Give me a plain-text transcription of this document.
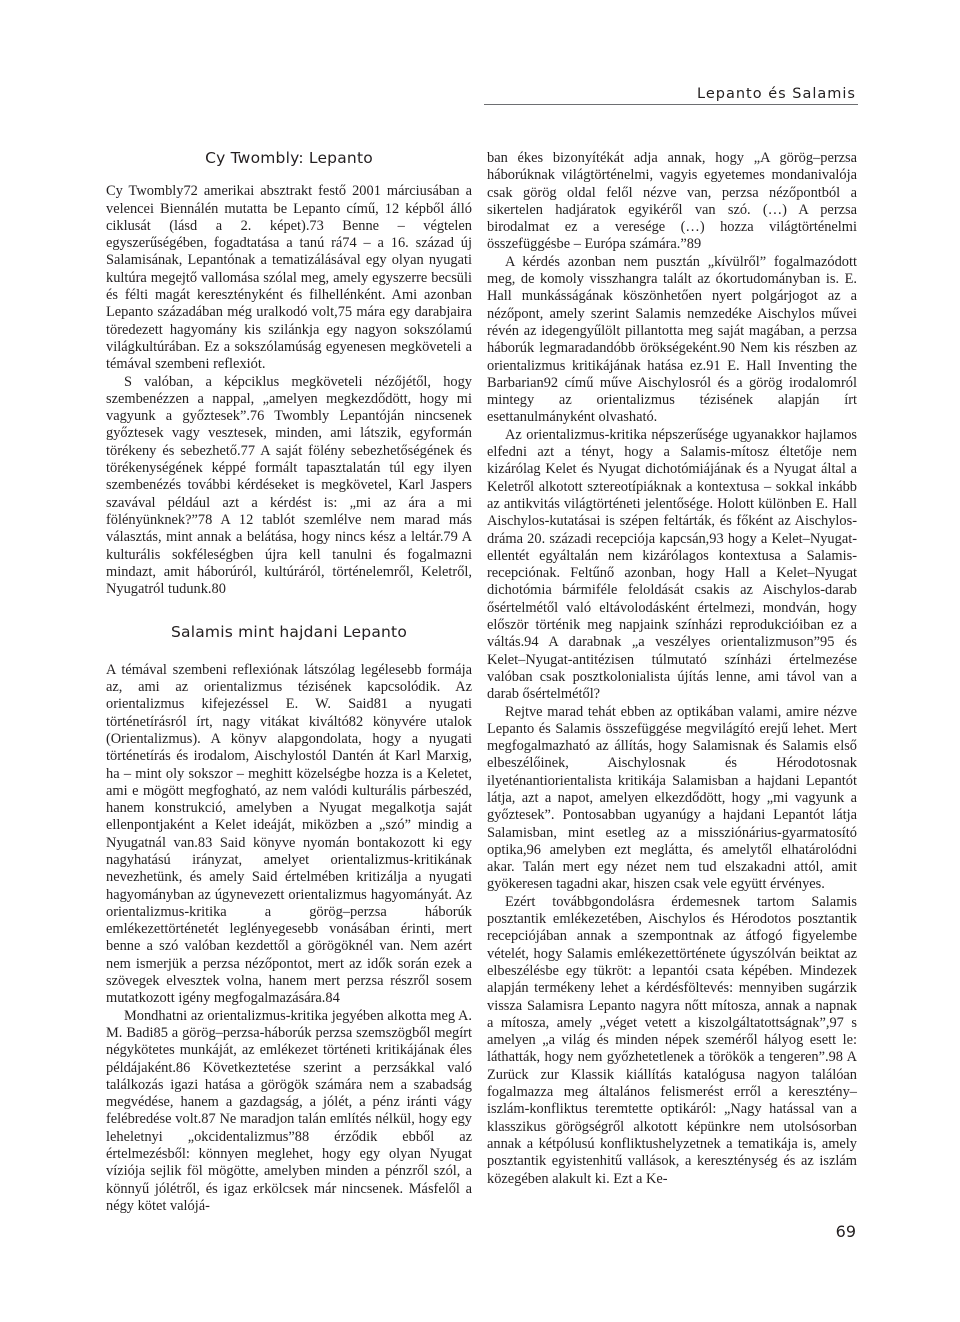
Lepanto és Salamis
Cy Twombly: Lepanto

Cy Twombly72 amerikai absztrakt festő 2001 márciusában a velencei Biennálén mutatta be Lepanto című, 12 képből álló ciklusát (lásd a 2. képet).73 Benne – végtelen egyszerűségében, fogadtatása a tanú rá74 – a 16. század új Salamisának, Lepantónak a tematizálásával egy olyan nyugati kultúra megejtő vallomása szólal meg, amely egyszerre becsüli és félti magát keresztényként és filhellénként. Ami azonban Lepanto századában még uralkodó volt,75 mára egy darabjaira töredezett hagyomány kis szilánkja egy nagyon sokszólamú világkultúrában. Ez a sokszólamúság egyenesen megköveteli a témával szembeni reflexiót.

S valóban, a képciklus megköveteli nézőjétől, hogy szembenézzen a nappal, „amelyen megkezdődött, hogy mi vagyunk a győztesek”.76 Twombly Lepantóján nincsenek győztesek vagy vesztesek, minden, ami látszik, egyformán törékeny és sebezhető.77 A saját fölény sebezhetőségének és törékenységének képpé formált tapasztalatán túl egy ilyen szembenézés további kérdéseket is megkövetel, Karl Jaspers szavával például azt a kérdést is: „mi az ára a mi fölényünknek?”78 A 12 tablót szemlélve nem marad más választás, mint annak a belátása, hogy nincs kész a leltár.79 A kulturális sokféleségben újra kell tanulni és fogalmazni mindazt, amit háborúról, kultúráról, történelemről, Keletről, Nyugatról tudunk.80

Salamis mint hajdani Lepanto

A témával szembeni reflexiónak látszólag legélesebb formája az, ami az orientalizmus tézisének kapcsolódik. Az orientalizmus kifejezéssel E. W. Said81 a nyugati történetírásról írt, nagy vitákat kiváltó82 könyvére utalok (Orientalizmus). A könyv alapgondolata, hogy a nyugati történetírás és irodalom, Aischylostól Dantén át Karl Marxig, ha – mint oly sokszor – meghitt közelségbe hozza is a Keletet, ami e mögött megfogható, az nem valódi kulturális párbeszéd, hanem konstrukció, amelyben a Nyugat megalkotja saját ellenpontjaként a Kelet ideáját, miközben a „szó” mindig a Nyugatnál van.83 Said könyve nyomán bontakozott ki egy nagyhatású irányzat, amelyet orientalizmus-kritikának nevezhetünk, és amely Said értelmében kritizálja a nyugati hagyományban az úgynevezett orientalizmus hagyományát. Az orientalizmus-kritika a görög–perzsa háborúk emlékezettörténetét leglényegesebb vonásában érinti, mert benne a szó valóban kezdettől a görögöknél van. Nem azért nem ismerjük a perzsa nézőpontot, mert az idők során ezek a szövegek elvesztek volna, hanem mert perzsa részről sosem mutatkozott igény megfogalmazására.84

Mondhatni az orientalizmus-kritika jegyében alkotta meg A. M. Badi85 a görög–perzsa-háborúk perzsa szemszögből megírt négykötetes munkáját, az emlékezet történeti kritikájának éles példájaként.86 Következtetése szerint a perzsákkal való találkozás igazi hatása a görögök számára nem a szabadság megvédése, hanem a gazdagság, a jólét, a pénz iránti vágy felébredése volt.87 Ne maradjon talán említés nélkül, hogy egy leheletnyi „okcidentalizmus”88 érződik ebből az értelmezésből: könnyen meglehet, hogy egy olyan Nyugat víziója sejlik föl mögötte, amelyben minden a pénzről szól, a könnyű jólétről, és igaz erkölcsek már nincsenek. Másfelől a négy kötet valójá-

ban ékes bizonyítékát adja annak, hogy „A görög–perzsa háborúknak világtörténelmi, vagyis egyetemes mondanivalója csak görög oldal felől nézve van, perzsa nézőpontból a sikertelen hadjáratok egyikéről van szó. (…) A perzsa birodalmat ez a veresége (…) hozza világtörténelmi összefüggésbe – Európa számára.”89

A kérdés azonban nem pusztán „kívülről” fogalmazódott meg, de komoly visszhangra talált az ókortudományban is. E. Hall munkásságának köszönhetően nyert polgárjogot az a nézőpont, amely szerint Salamis nemzedéke Aischylos művei révén az idegengyűlölt pillantotta meg saját magában, a perzsa háborúk legmaradandóbb örökségeként.90 Nem kis részben az orientalizmus kritikájának hatása ez.91 E. Hall Inventing the Barbarian92 című műve Aischylosról és a görög irodalomról mintegy az orientalizmus tézisének alapján írt esettanulmányként olvasható.

Az orientalizmus-kritika népszerűsége ugyanakkor hajlamos elfedni azt a tényt, hogy a Salamis-mítosz éltetője nem kizárólag Kelet és Nyugat dichotómiájának és a Nyugat által a Keletről alkotott sztereotípiáknak a kontextusa – sokkal inkább az antikvitás világtörténeti jelentősége. Holott különben E. Hall Aischylos-kutatásai is szépen feltárták, és főként az Aischylos-dráma 20. századi recepciója kapcsán,93 hogy a Kelet–Nyugat-ellentét egyáltalán nem kizárólagos kontextusa a Salamis-recepciónak. Feltűnő azonban, hogy Hall a Kelet–Nyugat dichotómia bármiféle feloldását csakis az Aischylos-darab ősértelmétől való eltávolodásként értelmezi, mondván, hogy először történik meg napjaink színházi reprodukcióiban ez a váltás.94 A darabnak „a veszélyes orientalizmuson”95 és Kelet–Nyugat-antitézisen túlmutató színházi értelmezése valóban csak posztkolonialista újítás lenne, ami távol van a darab ősértelmétől?

Rejtve marad tehát ebben az optikában valami, amire nézve Lepanto és Salamis összefüggése megvilágító erejű lehet. Mert megfogalmazható az állítás, hogy Salamisnak és Salamis első elbeszélőinek, Aischylosnak és Hérodotosnak ilyeténantiorientalista kritikája Salamisban a hajdani Lepantót látja, azt a napot, amelyen elkezdődött, hogy „mi vagyunk a győztesek”. Pontosabban ugyanúgy a hajdani Lepantót látja Salamisban, mint esetleg az a missziónárius-gyarmatosító optika,96 amelyben ezt meglátta, és amelytől elhatárolódni akar. Talán mert egy nézet nem tud elszakadni attól, amit gyökeresen tagadni akar, hiszen csak vele együtt érvényes.

Ezért továbbgondolásra érdemesnek tartom Salamis posztantik emlékezetében, Aischylos és Hérodotos posztantik recepciójában annak a szempontnak az átfogó figyelembe vételét, hogy Salamis emlékezettörténete úgyszólván beiktat az elbeszélésbe egy tükröt: a lepantói csata képében. Mindezek alapján termékeny lehet a kérdésföltevés: mennyiben sugárzik vissza Salamisra Lepanto nagyra nőtt mítosza, annak a napnak a mítosza, amely „véget vetett a kiszolgáltatottságnak”,97 s amelyen „a világ és minden népek szeméről hályog esett le: láthatták, hogy nem győzhetetlenek a törökök a tengeren”.98 A Zurück zur Klassik kiállítás katalógusa nagyon találóan fogalmazza meg általános felismerést erről a keresztény–iszlám-konfliktus teremtette optikáról: „Nagy hatással van a klasszikus görögségről alkotott képünkre nem utolsósorban annak a kétpólusú konfliktushelyzetnek a tematikája is, amely posztantik egyistenhitű vallások, a kereszténység és az iszlám közegében alakult ki. Ezt a Ke-

69
